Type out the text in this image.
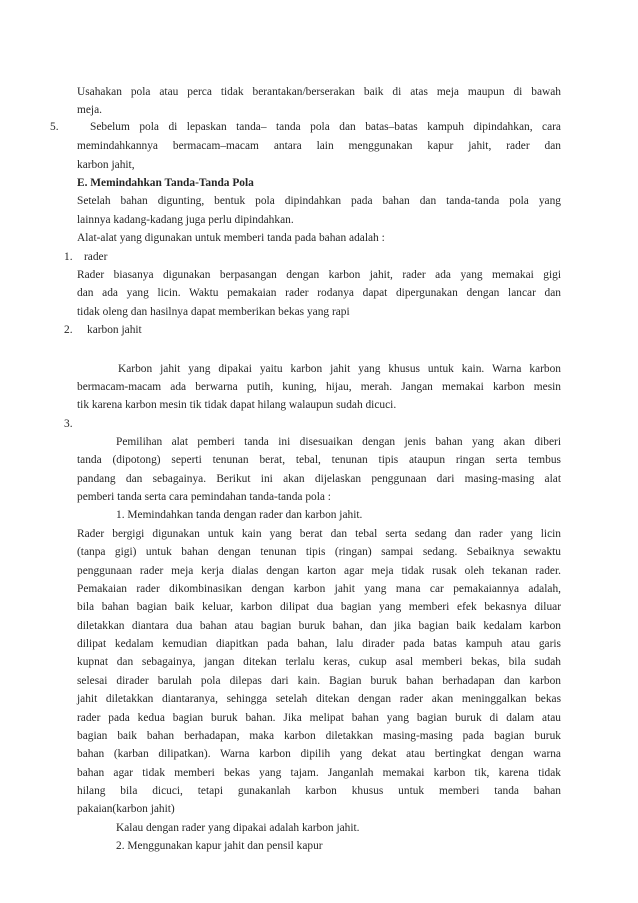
Usahakan pola atau perca tidak berantakan/berserakan baik di atas meja maupun di bawah
meja.
5.	Sebelum pola di lepaskan tanda– tanda pola dan batas–batas kampuh dipindahkan, cara
memindahkannya bermacam–macam antara lain menggunakan kapur jahit, rader dan
karbon jahit,
E. Memindahkan Tanda-Tanda Pola
Setelah bahan digunting, bentuk pola dipindahkan pada bahan dan tanda-tanda pola yang
lainnya kadang-kadang juga perlu dipindahkan.
Alat-alat yang digunakan untuk memberi tanda pada bahan adalah :
1. rader
Rader biasanya digunakan berpasangan dengan karbon jahit, rader ada yang memakai gigi
dan ada yang licin. Waktu pemakaian rader rodanya dapat dipergunakan dengan lancar dan
tidak oleng dan hasilnya dapat memberikan bekas yang rapi
2. karbon jahit
Karbon jahit yang dipakai yaitu karbon jahit yang khusus untuk kain. Warna karbon
bermacam-macam ada berwarna putih, kuning, hijau, merah. Jangan memakai karbon mesin
tik karena karbon mesin tik tidak dapat hilang walaupun sudah dicuci.
3.
Pemilihan alat pemberi tanda ini disesuaikan dengan jenis bahan yang akan diberi
tanda (dipotong) seperti tenunan berat, tebal, tenunan tipis ataupun ringan serta tembus
pandang dan sebagainya. Berikut ini akan dijelaskan penggunaan dari masing-masing alat
pemberi tanda serta cara pemindahan tanda-tanda pola :
1. Memindahkan tanda dengan rader dan karbon jahit.
Rader bergigi digunakan untuk kain yang berat dan tebal serta sedang dan rader yang licin
(tanpa gigi) untuk bahan dengan tenunan tipis (ringan) sampai sedang. Sebaiknya sewaktu
penggunaan rader meja kerja dialas dengan karton agar meja tidak rusak oleh tekanan rader.
Pemakaian rader dikombinasikan dengan karbon jahit yang mana car pemakaiannya adalah,
bila bahan bagian baik keluar, karbon dilipat dua bagian yang memberi efek bekasnya diluar
diletakkan diantara dua bahan atau bagian buruk bahan, dan jika bagian baik kedalam karbon
dilipat kedalam kemudian diapitkan pada bahan, lalu dirader pada batas kampuh atau garis
kupnat dan sebagainya, jangan ditekan terlalu keras, cukup asal memberi bekas, bila sudah
selesai dirader barulah pola dilepas dari kain. Bagian buruk bahan berhadapan dan karbon
jahit diletakkan diantaranya, sehingga setelah ditekan dengan rader akan meninggalkan bekas
rader pada kedua bagian buruk bahan. Jika melipat bahan yang bagian buruk di dalam atau
bagian baik bahan berhadapan, maka karbon diletakkan masing-masing pada bagian buruk
bahan (karban dilipatkan). Warna karbon dipilih yang dekat atau bertingkat dengan warna
bahan agar tidak memberi bekas yang tajam. Janganlah memakai karbon tik, karena tidak
hilang bila dicuci, tetapi gunakanlah karbon khusus untuk memberi tanda bahan
pakaian(karbon jahit)
Kalau dengan rader yang dipakai adalah karbon jahit.
2. Menggunakan kapur jahit dan pensil kapur
